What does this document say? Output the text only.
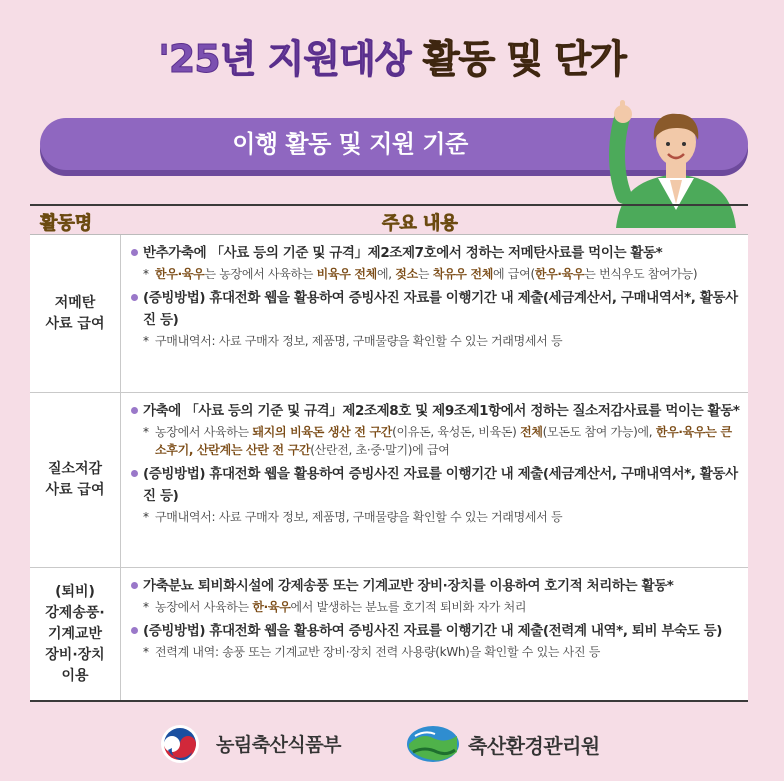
'25년 지원대상 활동 및 단가
이행 활동 및 지원 기준
활동명	주요 내용
저메탄
사료 급여
반추가축에 「사료 등의 기준 및 규격」제2조제7호에서 정하는 저메탄사료를 먹이는 활동*
* 한우·육우는 농장에서 사육하는 비육우 전체에, 젖소는 착유우 전체에 급여(한우·육우는 번식우도 참여가능)
(증빙방법) 휴대전화 웹을 활용하여 증빙사진 자료를 이행기간 내 제출(세금계산서, 구매내역서*, 활동사진 등)
* 구매내역서: 사료 구매자 정보, 제품명, 구매물량을 확인할 수 있는 거래명세서 등
질소저감
사료 급여
가축에 「사료 등의 기준 및 규격」제2조제8호 및 제9조제1항에서 정하는 질소저감사료를 먹이는 활동*
* 농장에서 사육하는 돼지의 비육돈 생산 전 구간(이유돈, 육성돈, 비육돈) 전체(모돈도 참여 가능)에, 한우·육우는 큰소후기, 산란계는 산란 전 구간(산란전, 초·중·말기)에 급여
(증빙방법) 휴대전화 웹을 활용하여 증빙사진 자료를 이행기간 내 제출(세금계산서, 구매내역서*, 활동사진 등)
* 구매내역서: 사료 구매자 정보, 제품명, 구매물량을 확인할 수 있는 거래명세서 등
(퇴비)
강제송풍·
기계교반
장비·장치
이용
가축분뇨 퇴비화시설에 강제송풍 또는 기계교반 장비·장치를 이용하여 호기적 처리하는 활동*
* 농장에서 사육하는 한·육우에서 발생하는 분뇨를 호기적 퇴비화 자가 처리
(증빙방법) 휴대전화 웹을 활용하여 증빙사진 자료를 이행기간 내 제출(전력계 내역*, 퇴비 부숙도 등)
* 전력계 내역: 송풍 또는 기계교반 장비·장치 전력 사용량(kWh)을 확인할 수 있는 사진 등
농림축산식품부	축산환경관리원
